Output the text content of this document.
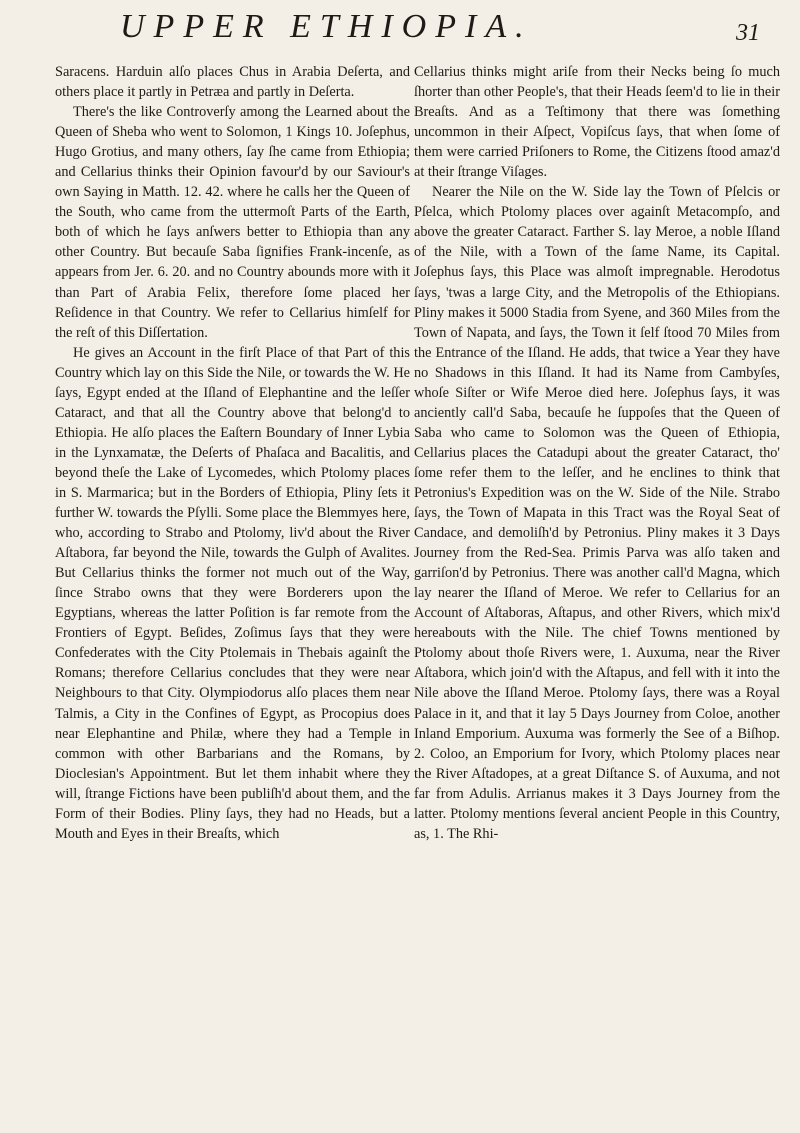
UPPER ETHIOPIA.	31

Saracens. Harduin alſo places Chus in Arabia Deſerta, and others place it partly in Petræa and partly in Deſerta.

There's the like Controverſy among the Learned about the Queen of Sheba who went to Solomon, 1 Kings 10. Joſephus, Hugo Grotius, and many others, ſay ſhe came from Ethiopia; and Cellarius thinks their Opinion favour'd by our Saviour's own Saying in Matth. 12. 42. where he calls her the Queen of the South, who came from the uttermoſt Parts of the Earth, both of which he ſays anſwers better to Ethiopia than any other Country. But becauſe Saba ſignifies Frank-incenſe, as appears from Jer. 6. 20. and no Country abounds more with it than Part of Arabia Felix, therefore ſome placed her Reſidence in that Country. We refer to Cellarius himſelf for the reſt of this Diſſertation.

He gives an Account in the firſt Place of that Part of this Country which lay on this Side the Nile, or towards the W. He ſays, Egypt ended at the Iſland of Elephantine and the leſſer Cataract, and that all the Country above that belong'd to Ethiopia. He alſo places the Eaſtern Boundary of Inner Lybia in the Lynxamatæ, the Deſerts of Phaſaca and Bacalitis, and beyond theſe the Lake of Lycomedes, which Ptolomy places in S. Marmarica; but in the Borders of Ethiopia, Pliny ſets it further W. towards the Pſylli. Some place the Blemmyes here, who, according to Strabo and Ptolomy, liv'd about the River Aſtabora, far beyond the Nile, towards the Gulph of Avalites. But Cellarius thinks the former not much out of the Way, ſince Strabo owns that they were Borderers upon the Egyptians, whereas the latter Poſition is far remote from the Frontiers of Egypt. Beſides, Zoſimus ſays that they were Confederates with the City Ptolemais in Thebais againſt the Romans; therefore Cellarius concludes that they were near Neighbours to that City. Olympiodorus alſo places them near Talmis, a City in the Confines of Egypt, as Procopius does near Elephantine and Philæ, where they had a Temple in common with other Barbarians and the Romans, by Dioclesian's Appointment. But let them inhabit where they will, ſtrange Fictions have been publiſh'd about them, and the Form of their Bodies. Pliny ſays, they had no Heads, but a Mouth and Eyes in their Breaſts, which

Cellarius thinks might ariſe from their Necks being ſo much ſhorter than other People's, that their Heads ſeem'd to lie in their Breaſts. And as a Teſtimony that there was ſomething uncommon in their Aſpect, Vopiſcus ſays, that when ſome of them were carried Priſoners to Rome, the Citizens ſtood amaz'd at their ſtrange Viſages.

Nearer the Nile on the W. Side lay the Town of Pſelcis or Pſelca, which Ptolomy places over againſt Metacompſo, and above the greater Cataract. Farther S. lay Meroe, a noble Iſland of the Nile, with a Town of the ſame Name, its Capital. Joſephus ſays, this Place was almoſt impregnable. Herodotus ſays, 'twas a large City, and the Metropolis of the Ethiopians. Pliny makes it 5000 Stadia from Syene, and 360 Miles from the Town of Napata, and ſays, the Town it ſelf ſtood 70 Miles from the Entrance of the Iſland. He adds, that twice a Year they have no Shadows in this Iſland. It had its Name from Cambyſes, whoſe Siſter or Wife Meroe died here. Joſephus ſays, it was anciently call'd Saba, becauſe he ſuppoſes that the Queen of Saba who came to Solomon was the Queen of Ethiopia, Cellarius places the Catadupi about the greater Cataract, tho' ſome refer them to the leſſer, and he enclines to think that Petronius's Expedition was on the W. Side of the Nile. Strabo ſays, the Town of Mapata in this Tract was the Royal Seat of Candace, and demoliſh'd by Petronius. Pliny makes it 3 Days Journey from the Red-Sea. Primis Parva was alſo taken and garriſon'd by Petronius. There was another call'd Magna, which lay nearer the Iſland of Meroe. We refer to Cellarius for an Account of Aſtaboras, Aſtapus, and other Rivers, which mix'd hereabouts with the Nile. The chief Towns mentioned by Ptolomy about thoſe Rivers were, 1. Auxuma, near the River Aſtabora, which join'd with the Aſtapus, and fell with it into the Nile above the Iſland Meroe. Ptolomy ſays, there was a Royal Palace in it, and that it lay 5 Days Journey from Coloe, another Inland Emporium. Auxuma was formerly the See of a Biſhop. 2. Coloo, an Emporium for Ivory, which Ptolomy places near the River Aſtadopes, at a great Diſtance S. of Auxuma, and not far from Adulis. Arrianus makes it 3 Days Journey from the latter. Ptolomy mentions ſeveral ancient People in this Country, as, 1. The Rhi-
